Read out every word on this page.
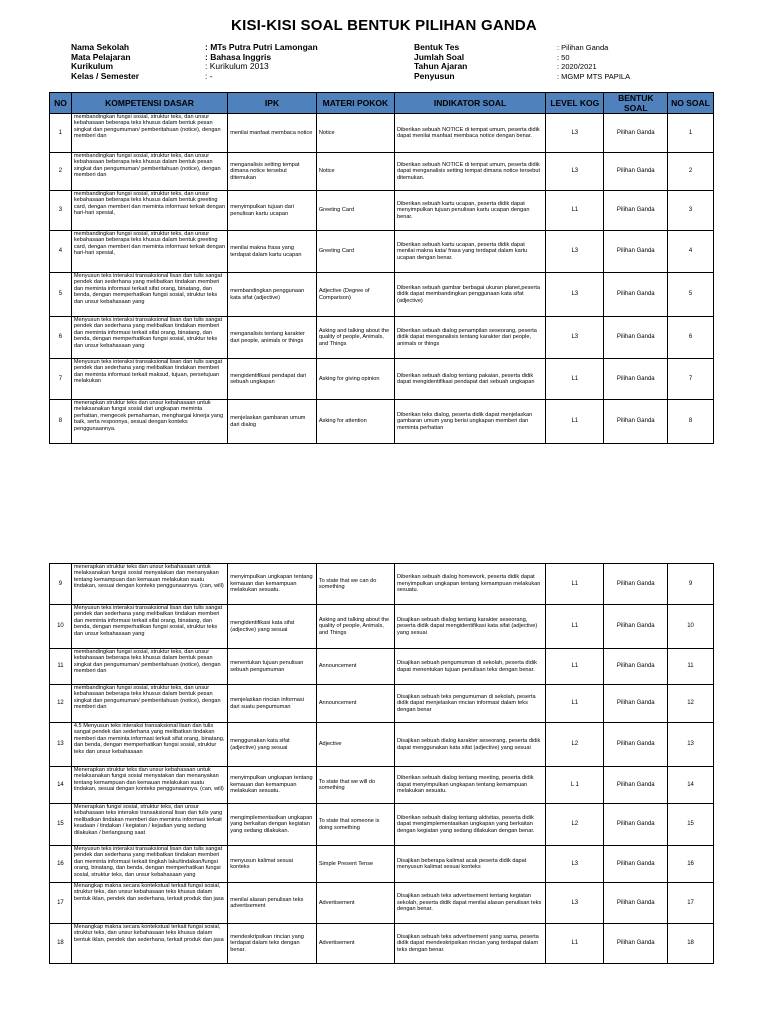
KISI-KISI SOAL BENTUK PILIHAN GANDA
Nama Sekolah	: MTs Putra Putri Lamongan
Mata Pelajaran	: Bahasa Inggris
Kurikulum	: Kurikulum 2013
Kelas / Semester	: -
Bentuk Tes	: Pilihan Ganda
Jumlah Soal	: 50
Tahun Ajaran	: 2020/2021
Penyusun	: MGMP MTS PAPILA
NO	KOMPETENSI DASAR	IPK	MATERI POKOK	INDIKATOR SOAL	LEVEL KOG	BENTUK SOAL	NO SOAL
1	membandingkan fungsi sosial, struktur teks, dan unsur kebahasaan beberapa teks khusus dalam bentuk pesan singkat dan pengumuman/ pemberitahuan (notice), dengan memberi dan	menilai manfaat membaca notice	Notice	Diberikan sebuah NOTICE di tempat umum, peserta didik dapat menilai manfaat membaca notice dengan benar.	L3	Pilihan Ganda	1
2	membandingkan fungsi sosial, struktur teks, dan unsur kebahasaan beberapa teks khusus dalam bentuk pesan singkat dan pengumuman/ pemberitahuan (notice), dengan memberi dan	menganalisis setting tempat dimana notice tersebut ditemukan	Notice	Diberikan sebuah NOTICE di tempat umum, peserta didik dapat menganalisis setting tempat dimana notice tersebut ditemukan.	L3	Pilihan Ganda	2
3	membandingkan fungsi sosial, struktur teks, dan unsur kebahasaan beberapa teks khusus dalam bentuk greeting card, dengan memberi dan meminta informasi terkait dengan hari-hari spesial,	menyimpulkan tujuan dari penulisan kartu ucapan	Greeting Card	Diberikan sebuah kartu ucapan, peserta didik dapat menyimpulkan tujuan penulisan kartu ucapan dengan benar.	L1	Pilihan Ganda	3
4	membandingkan fungsi sosial, struktur teks, dan unsur kebahasaan beberapa teks khusus dalam bentuk greeting card, dengan memberi dan meminta informasi terkait dengan hari-hari spesial,	menilai makna frasa yang terdapat dalam kartu ucapan	Greeting Card	Diberikan sebuah kartu ucapan, peserta didik dapat menilai makna kata/ frasa yang terdapat dalam kartu ucapan dengan benar.	L3	Pilihan Ganda	4
5	Menyusun teks interaksi transaksional lisan dan tulis sangat pendek dan sederhana yang melibatkan tindakan memberi dan meminta informasi terkait sifat orang, binatang, dan benda, dengan memperhatikan fungsi sosial, struktur teks dan unsur kebahasaan yang	membandingkan penggunaan kata sifat (adjective)	Adjective (Degree of Comparison)	Diberikan sebuah gambar berbagai ukuran planet,peserta didik dapat membandingkan penggunaan kata sifat (adjective)	L3	Pilihan Ganda	5
6	Menyusun teks interaksi transaksional lisan dan tulis sangat pendek dan sederhana yang melibatkan tindakan memberi dan meminta informasi terkait sifat orang, binatang, dan benda, dengan memperhatikan fungsi sosial, struktur teks dan unsur kebahasaan yang	menganalisis tentang karakter dari people, animals or things	Asking and talking about the quality of people, Animals, and Things	Diberikan sebuah dialog penampilan seseorang, peserta didik dapat menganalisis tentang karakter dari people, animals or things	L3	Pilihan Ganda	6
7	Menyusun teks interaksi transaksional lisan dan tulis sangat pendek dan sederhana yang melibatkan tindakan memberi dan meminta informasi terkait maksud, tujuan, persetujuan melakukan	mengidentifikasi pendapat dari sebuah ungkapan	Asking for giving opinion	Diberikan sebuah dialog tentang pakaian, peserta didik dapat mengidentifikasi pendapat dari sebuah ungkapan	L1	Pilihan Ganda	7
8	menerapkan struktur teks dan unsur kebahasaan untuk melaksanakan fungsi sosial dari ungkapan meminta perhatian, mengecek pemahaman, menghargai kinerja yang baik, serta responnya, sesuai dengan konteks penggunaannya.	menjelaskan gambaran umum dari dialog	Asking for attention	Diberikan teks dialog, peserta didik dapat menjelaskan gambaran umum yang berisi ungkapan memberi dan meminta perhatian	L1	Pilihan Ganda	8
9	menerapkan struktur teks dan unsur kebahasaan untuk melaksanakan fungsi sosial menyatakan dan menanyakan tentang kemampuan dan kemauan melakukan suatu tindakan, sesuai dengan konteks penggunaannya. (can, will)	menyimpulkan ungkapan tentang kemauan dan kemampuan melakukan sesuatu.	To state that we can do something	Diberikan sebuah dialog homework, peserta didik dapat menyimpulkan ungkapan tentang kemampuan melakukan sesuatu.	L1	Pilihan Ganda	9
10	Menyusun teks interaksi transaksional lisan dan tulis sangat pendek dan sederhana yang melibatkan tindakan memberi dan meminta informasi terkait sifat orang, binatang, dan benda, dengan memperhatikan fungsi sosial, struktur teks dan unsur kebahasaan yang	mengidentifikasi kata sifat (adjective) yang sesuai	Asking and talking about the quality of people, Animals, and Things	Disajikan sebuah dialog tentang karakter seseorang, peserta didik dapat mengidentifikasi kata sifat (adjective) yang sesuai	L1	Pilihan Ganda	10
11	membandingkan fungsi sosial, struktur teks, dan unsur kebahasaan beberapa teks khusus dalam bentuk pesan singkat dan pengumuman/ pemberitahuan (notice), dengan memberi dan	menentukan tujuan penulisan sebuah pengumuman	Announcement	Disajikan sebuah pengumuman di sekolah, peserta didik dapat menentukan tujuan penulisan teks dengan benar.	L1	Pilihan Ganda	11
12	membandingkan fungsi sosial, struktur teks, dan unsur kebahasaan beberapa teks khusus dalam bentuk pesan singkat dan pengumuman/ pemberitahuan (notice), dengan memberi dan	menjelaskan rincian informasi dari suatu pengumuman	Announcement	Disajikan sebuah teks pengumuman di sekolah, peserta didik dapat menjelaskan rincian informasi dalam teks dengan benar	L1	Pilihan Ganda	12
13	4.5 Menyusun teks interaksi transaksional lisan dan tulis sangat pendek dan sederhana yang melibatkan tindakan memberi dan meminta informasi terkait sifat orang, binatang, dan benda, dengan memperhatikan fungsi sosial, struktur teks dan unsur kebahasaan	menggunakan kata sifat (adjective) yang sesuai	Adjective	Disajikan sebuah dialog karakter seseorang, peserta didik dapat menggunakan kata sifat (adjective) yang sesuai	L2	Pilihan Ganda	13
14	Menerapkan struktur teks dan unsur kebahasaan untuk melaksanakan fungsi sosial menyatakan dan menanyakan tentang kemampuan dan kemauan melakukan suatu tindakan, sesuai dengan konteks penggunaannya. (can, will)	menyimpulkan ungkapan tentang kemauan dan kemampuan melakukan sesuatu.	To state that we will do something	Diberikan sebuah dialog tentang meeting, peserta didik dapat menyimpulkan ungkapan tentang kemampuan melakukan sesuatu.	L 1	Pilihan Ganda	14
15	Menerapkan fungsi sosial, struktur teks, dan unsur kebahasaan teks interaksi transaksional lisan dan tulis yang melibatkan tindakan memberi dan meminta informasi terkait keadaan / tindakan / kegiatan / kejadian yang sedang dilakukan / berlangsung saat	mengimplementasikan ungkapan yang berkaitan dengan kegiatan yang sedang dilakukan.	To state that someone is doing something	Diberikan sebuah dialog tentang aktivitas, peserta didik dapat mengimplementasikan ungkapan yang berkaitan dengan kegiatan yang sedang dilakukan dengan benar.	L2	Pilihan Ganda	15
16	Menyusun teks interaksi transaksional lisan dan tulis sangat pendek dan sederhana yang melibatkan tindakan memberi dan meminta informasi terkait tingkah laku/tindakan/fungsi orang, binatang, dan benda, dengan memperhatikan fungsi sosial, struktur teks, dan unsur kebahasaan yang	menyusun kalimat sesuai konteks	Simple Present Tense	Disajikan beberapa kalimat acak peserta didik dapat menyusun kalimat sesuai konteks	L3	Pilihan Ganda	16
17	Menangkap makna secara kontekstual terkait fungsi sosial, struktur teks, dan unsur kebahasaan teks khusus dalam bentuk iklan, pendek dan sederhana, terkait produk dan jasa	menilai alasan penulisan teks advertisement	Advertisement	Disajikan sebuah teks advertisement tentang kegiatan sekolah, peserta didik dapat menilai alasan penulisan teks dengan benar.	L3	Pilihan Ganda	17
18	Menangkap makna secara kontekstual terkait fungsi sosial, struktur teks, dan unsur kebahasaan teks khusus dalam bentuk iklan, pendek dan sederhana, terkait produk dan jasa	mendeskripsikan rincian yang terdapat dalam teks dengan benar.	Advertisement	Disajikan sebuah teks advertisement yang sama, peserta didik dapat mendeskripsikan rincian yang terdapat dalam teks dengan benar.	L1	Pilihan Ganda	18
